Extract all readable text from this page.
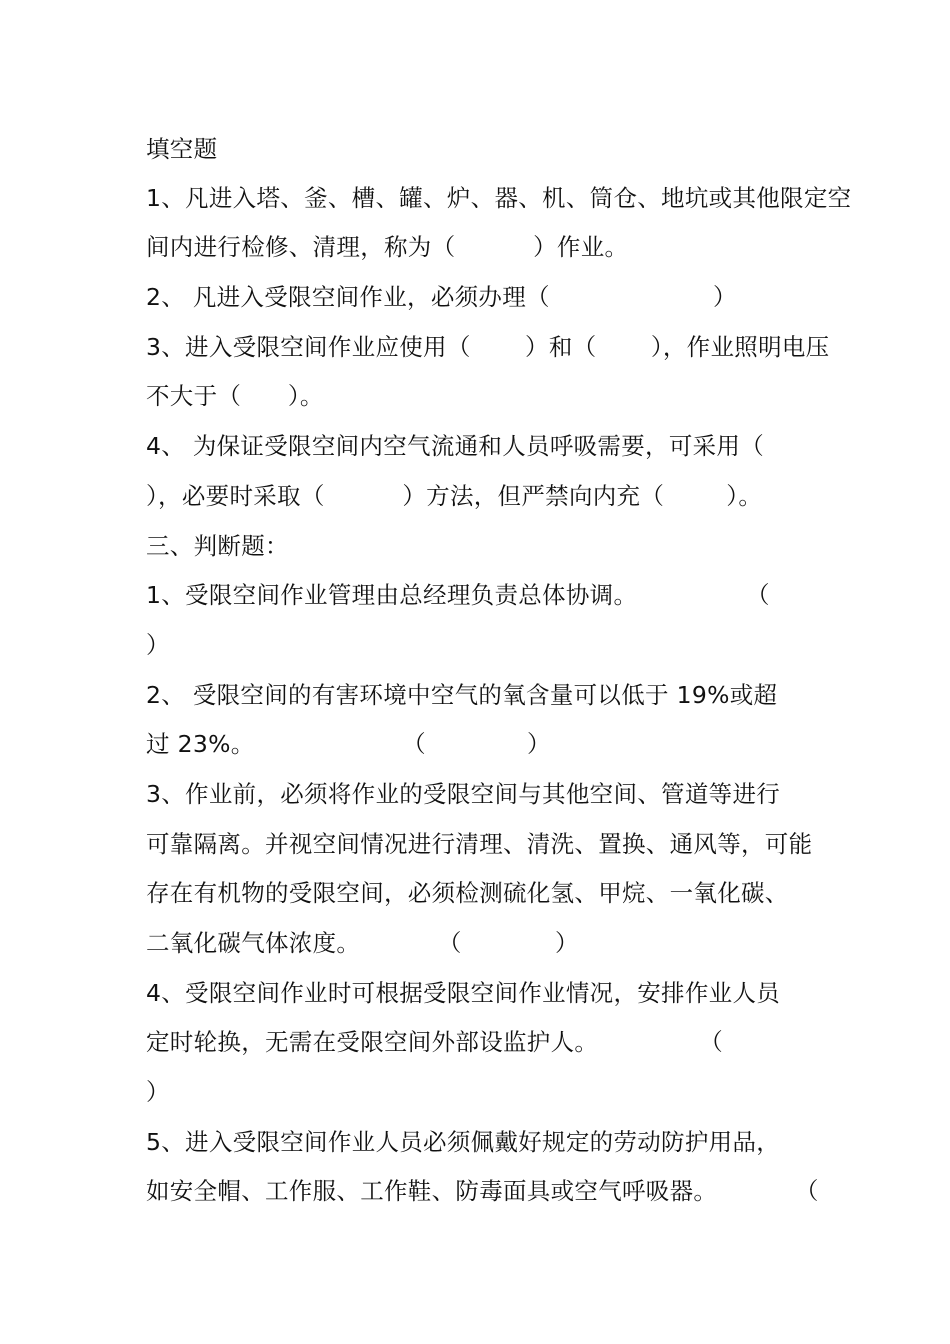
填空题
1、凡进入塔、釜、槽、罐、炉、器、机、筒仓、地坑或其他限定空
间内进行检修、清理，称为（          ）作业。
2、 凡进入受限空间作业，必须办理（                     ）
3、进入受限空间作业应使用（       ）和（       ），作业照明电压
不大于（      ）。
4、 为保证受限空间内空气流通和人员呼吸需要，可采用（
），必要时采取（          ）方法，但严禁向内充（        ）。
三、判断题：
1、受限空间作业管理由总经理负责总体协调。              （
）
2、 受限空间的有害环境中空气的氧含量可以低于 19%或超
过 23%。                   （             ）
3、作业前，必须将作业的受限空间与其他空间、管道等进行
可靠隔离。并视空间情况进行清理、清洗、置换、通风等，可能
存在有机物的受限空间，必须检测硫化氢、甲烷、一氧化碳、
二氧化碳气体浓度。          （            ）
4、受限空间作业时可根据受限空间作业情况，安排作业人员
定时轮换，无需在受限空间外部设监护人。             （
）
5、进入受限空间作业人员必须佩戴好规定的劳动防护用品，
如安全帽、工作服、工作鞋、防毒面具或空气呼吸器。          （
